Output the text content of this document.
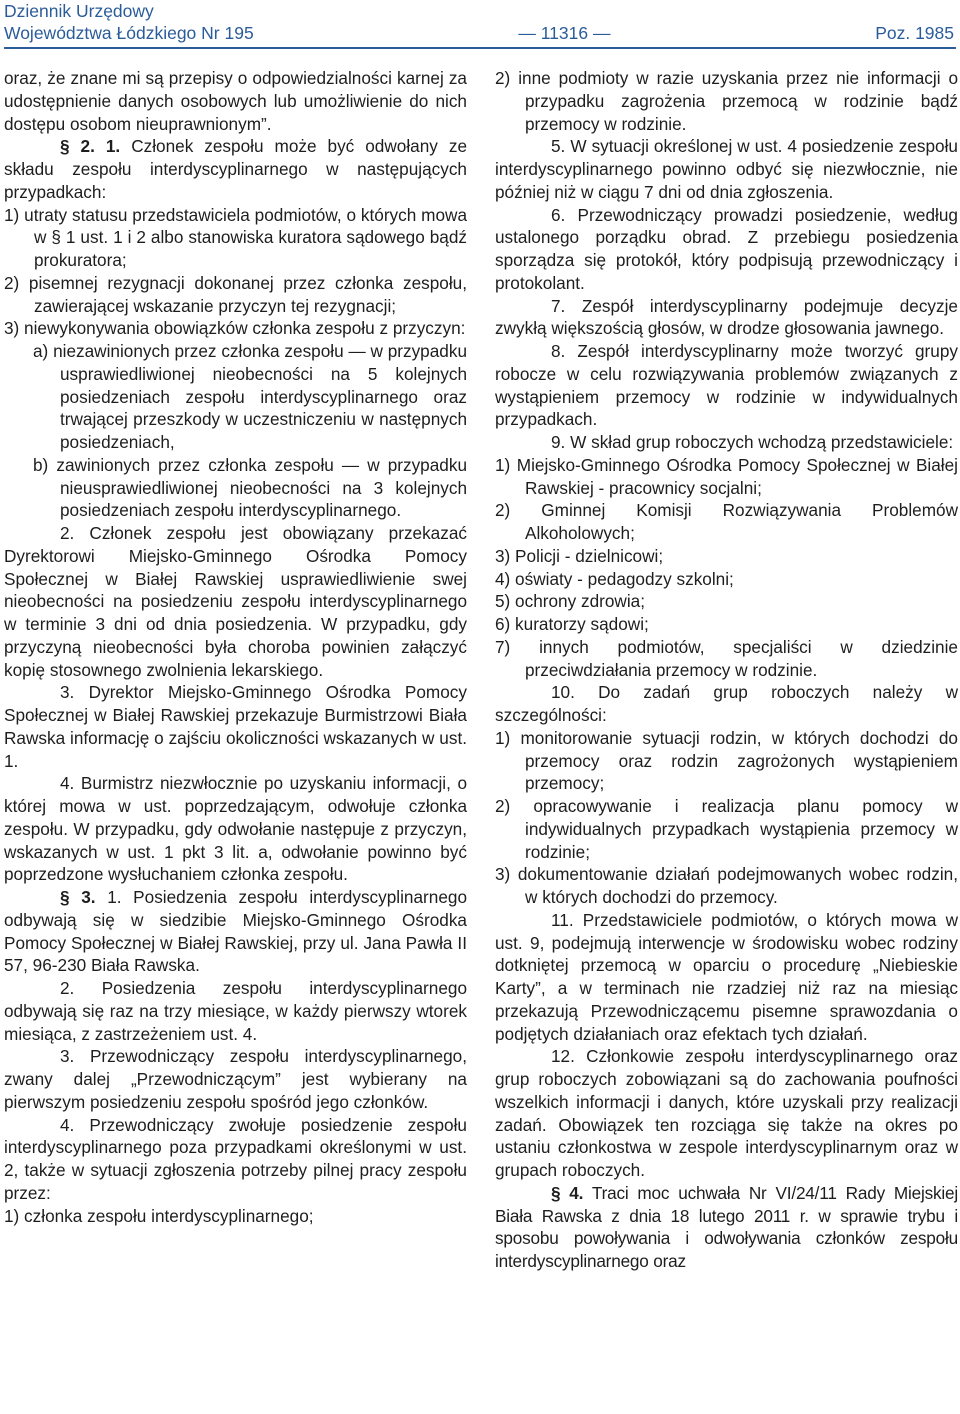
Dziennik Urzędowy
Województwa Łódzkiego Nr 195	— 11316 —	Poz. 1985

oraz, że znane mi są przepisy o odpowiedzialności karnej za udostępnienie danych osobowych lub umożliwienie do nich dostępu osobom nieuprawnionym”.

§ 2. 1. Członek zespołu może być odwołany ze składu zespołu interdyscyplinarnego w następujących przypadkach:

1) utraty statusu przedstawiciela podmiotów, o których mowa w § 1 ust. 1 i 2 albo stanowiska kuratora sądowego bądź prokuratora;

2) pisemnej rezygnacji dokonanej przez członka zespołu, zawierającej wskazanie przyczyn tej rezygnacji;

3) niewykonywania obowiązków członka zespołu z przyczyn:

a) niezawinionych przez członka zespołu — w przypadku usprawiedliwionej nieobecności na 5 kolejnych posiedzeniach zespołu interdyscyplinarnego oraz trwającej przeszkody w uczestniczeniu w następnych posiedzeniach,

b) zawinionych przez członka zespołu — w przypadku nieusprawiedliwionej nieobecności na 3 kolejnych posiedzeniach zespołu interdyscyplinarnego.

2. Członek zespołu jest obowiązany przekazać Dyrektorowi Miejsko-Gminnego Ośrodka Pomocy Społecznej w Białej Rawskiej usprawiedliwienie swej nieobecności na posiedzeniu zespołu interdyscyplinarnego w terminie 3 dni od dnia posiedzenia. W przypadku, gdy przyczyną nieobecności była choroba powinien załączyć kopię stosownego zwolnienia lekarskiego.

3. Dyrektor Miejsko-Gminnego Ośrodka Pomocy Społecznej w Białej Rawskiej przekazuje Burmistrzowi Biała Rawska informację o zajściu okoliczności wskazanych w ust. 1.

4. Burmistrz niezwłocznie po uzyskaniu informacji, o której mowa w ust. poprzedzającym, odwołuje członka zespołu. W przypadku, gdy odwołanie następuje z przyczyn, wskazanych w ust. 1 pkt 3 lit. a, odwołanie powinno być poprzedzone wysłuchaniem członka zespołu.

§ 3. 1. Posiedzenia zespołu interdyscyplinarnego odbywają się w siedzibie Miejsko-Gminnego Ośrodka Pomocy Społecznej w Białej Rawskiej, przy ul. Jana Pawła II 57, 96-230 Biała Rawska.

2. Posiedzenia zespołu interdyscyplinarnego odbywają się raz na trzy miesiące, w każdy pierwszy wtorek miesiąca, z zastrzeżeniem ust. 4.

3. Przewodniczący zespołu interdyscyplinarnego, zwany dalej „Przewodniczącym” jest wybierany na pierwszym posiedzeniu zespołu spośród jego członków.

4. Przewodniczący zwołuje posiedzenie zespołu interdyscyplinarnego poza przypadkami określonymi w ust. 2, także w sytuacji zgłoszenia potrzeby pilnej pracy zespołu przez:

1) członka zespołu interdyscyplinarnego;

2) inne podmioty w razie uzyskania przez nie informacji o przypadku zagrożenia przemocą w rodzinie bądź przemocy w rodzinie.

5. W sytuacji określonej w ust. 4 posiedzenie zespołu interdyscyplinarnego powinno odbyć się niezwłocznie, nie później niż w ciągu 7 dni od dnia zgłoszenia.

6. Przewodniczący prowadzi posiedzenie, według ustalonego porządku obrad. Z przebiegu posiedzenia sporządza się protokół, który podpisują przewodniczący i protokolant.

7. Zespół interdyscyplinarny podejmuje decyzje zwykłą większością głosów, w drodze głosowania jawnego.

8. Zespół interdyscyplinarny może tworzyć grupy robocze w celu rozwiązywania problemów związanych z wystąpieniem przemocy w rodzinie w indywidualnych przypadkach.

9. W skład grup roboczych wchodzą przedstawiciele:

1) Miejsko-Gminnego Ośrodka Pomocy Społecznej w Białej Rawskiej - pracownicy socjalni;

2) Gminnej Komisji Rozwiązywania Problemów Alkoholowych;

3) Policji - dzielnicowi;

4) oświaty - pedagodzy szkolni;

5) ochrony zdrowia;

6) kuratorzy sądowi;

7) innych podmiotów, specjaliści w dziedzinie przeciwdziałania przemocy w rodzinie.

10. Do zadań grup roboczych należy w szczególności:

1) monitorowanie sytuacji rodzin, w których dochodzi do przemocy oraz rodzin zagrożonych wystąpieniem przemocy;

2) opracowywanie i realizacja planu pomocy w indywidualnych przypadkach wystąpienia przemocy w rodzinie;

3) dokumentowanie działań podejmowanych wobec rodzin, w których dochodzi do przemocy.

11. Przedstawiciele podmiotów, o których mowa w ust. 9, podejmują interwencje w środowisku wobec rodziny dotkniętej przemocą w oparciu o procedurę „Niebieskie Karty”, a w terminach nie rzadziej niż raz na miesiąc przekazują Przewodniczącemu pisemne sprawozdania o podjętych działaniach oraz efektach tych działań.

12. Członkowie zespołu interdyscyplinarnego oraz grup roboczych zobowiązani są do zachowania poufności wszelkich informacji i danych, które uzyskali przy realizacji zadań. Obowiązek ten rozciąga się także na okres po ustaniu członkostwa w zespole interdyscyplinarnym oraz w grupach roboczych.

§ 4. Traci moc uchwała Nr VI/24/11 Rady Miejskiej Biała Rawska z dnia 18 lutego 2011 r. w sprawie trybu i sposobu powoływania i odwoływania członków zespołu interdyscyplinarnego oraz
